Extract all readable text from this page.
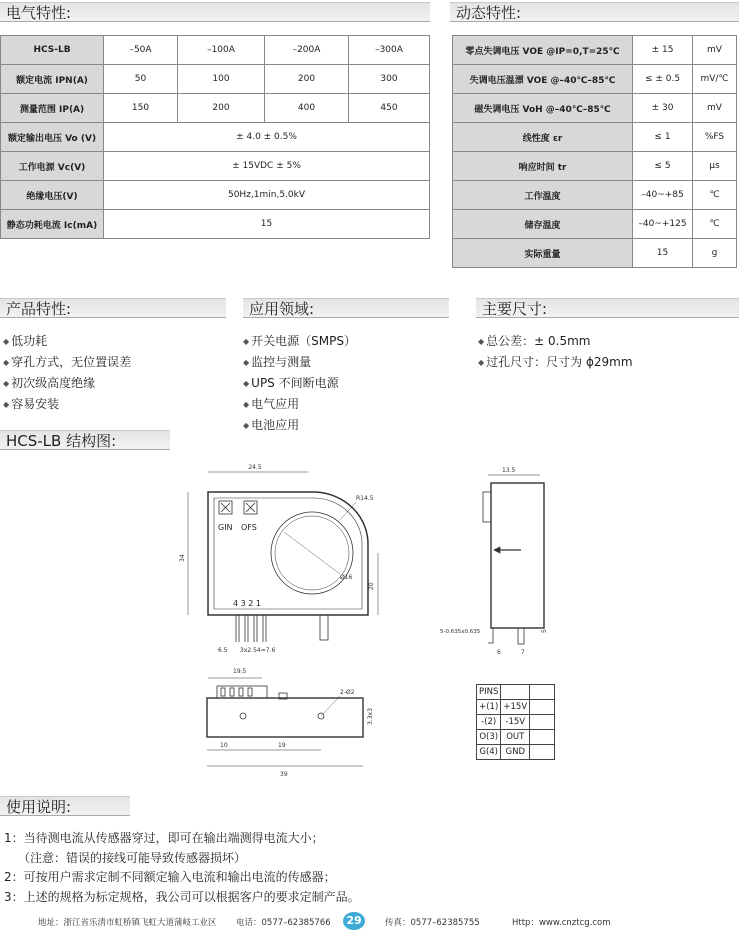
电气特性:	动态特性:
HCS-LB	–50A	–100A	–200A	–300A
额定电流 IPN(A)	50	100	200	300
测量范围 IP(A)	150	200	400	450
额定输出电压 Vo (V)	± 4.0 ± 0.5%			
工作电源 Vc(V)	± 15VDC ± 5%			
绝缘电压(V)	50Hz,1min,5.0kV			
静态功耗电流 Ic(mA)	15			
零点失调电压 VOE @IP=0,T=25℃	± 15	mV
失调电压温漂 VOE @–40℃–85℃	≤ ± 0.5	mV/℃
磁失调电压 VoH @–40℃–85℃	± 30	mV
线性度 εr	≤ 1	%FS
响应时间 tr	≤ 5	μs
工作温度	–40~+85	℃
储存温度	–40~+125	℃
实际重量	15	g
产品特性:	应用领域:	主要尺寸:
◆ 低功耗
◆ 穿孔方式，无位置误差
◆ 初次级高度绝缘
◆ 容易安装
◆ 开关电源（SMPS）
◆ 监控与测量
◆ UPS 不间断电源
◆ 电气应用
◆ 电池应用
◆ 总公差：± 0.5mm
◆ 过孔尺寸：尺寸为 ϕ29mm
HCS-LB 结构图:
24.5
R14.5
Ø16
GIN OFS
34
20
4 3 2 1
6.5 3x2.54=7.6
13.5
5-0.635x0.635
6	7
5
19.5
2-Ø2
3.3x3
10	19
39
PINS		
+(1)	+15V	
-(2)	-15V	
O(3)	OUT	
G(4)	GND	
使用说明:
1：当待测电流从传感器穿过，即可在输出端测得电流大小；
（注意：错误的接线可能导致传感器损坏）
2：可按用户需求定制不同额定输入电流和输出电流的传感器；
3：上述的规格为标定规格，我公司可以根据客户的要求定制产品。
地址：浙江省乐清市虹桥镇飞虹大道蒲岐工业区 电话：0577–62385766	29	传真：0577–62385755	Http：www.cnztcg.com
